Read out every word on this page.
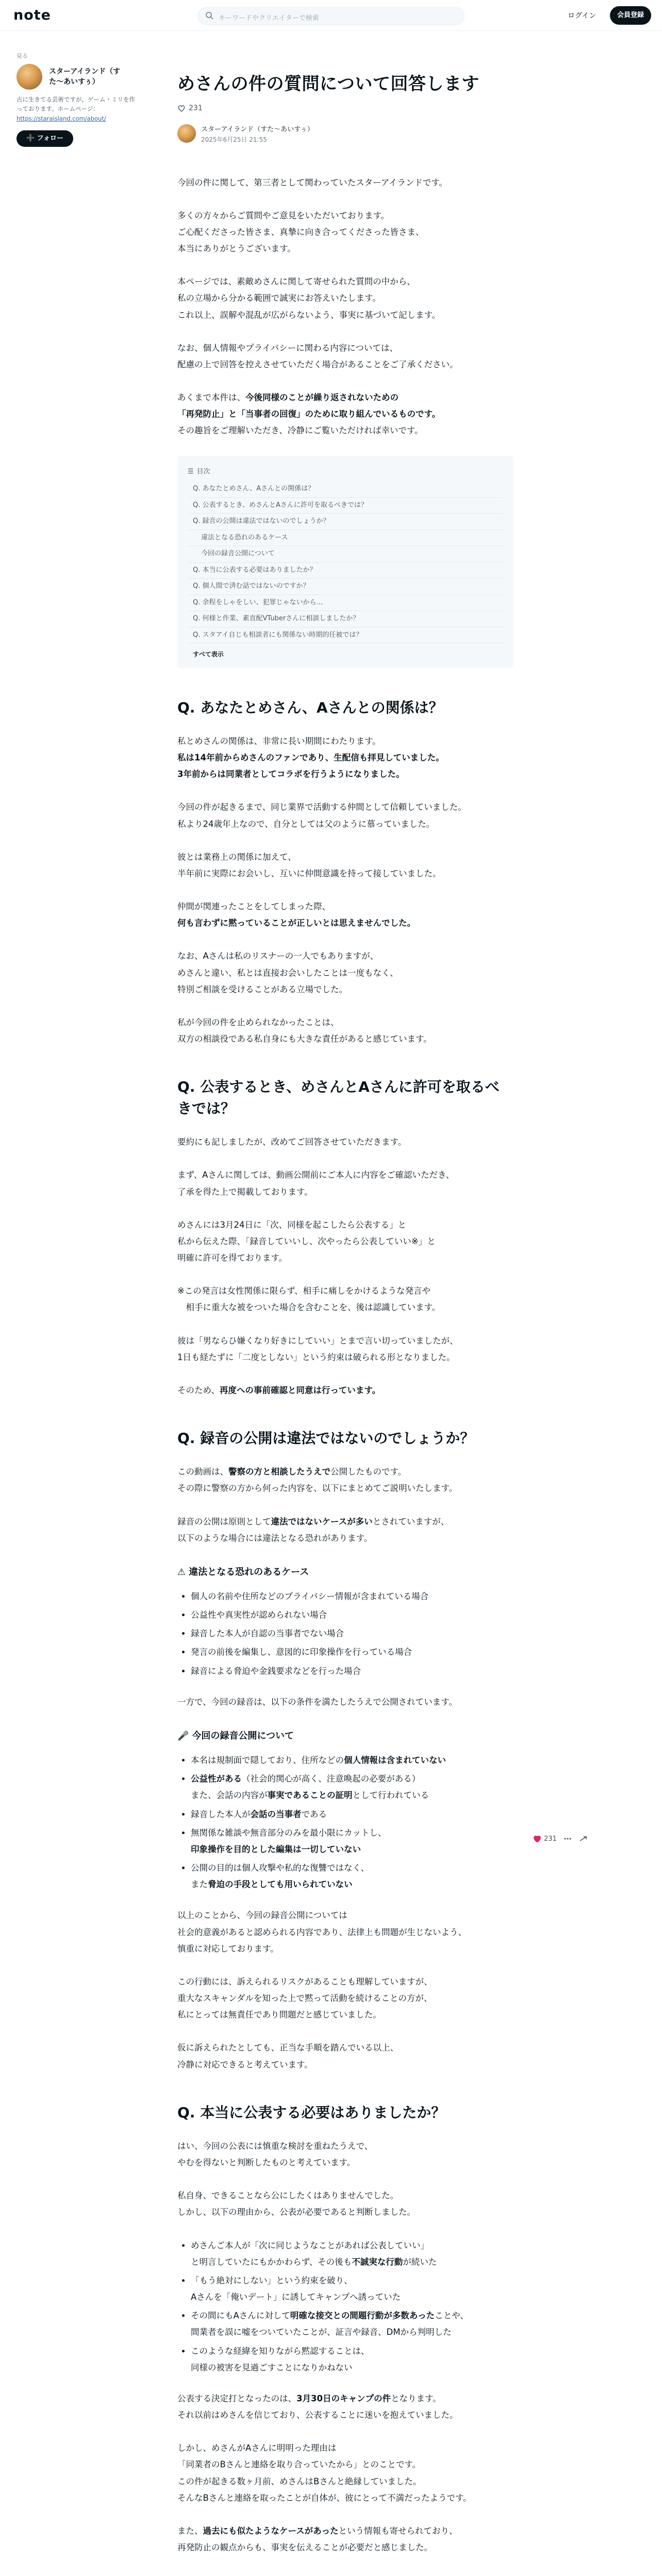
note	キーワードやクリエイターで検索	ログイン	会員登録
見る
スターアイランド（すた〜あいすぅ）
古に生きてる芸術ですが，ゲーム・ミリを作っております。ホームページ：
https://staraisland.com/about/
➕ フォロー
めさんの件の質問について回答します
231
スターアイランド（すた〜あいすぅ）
2025年6月25日 21:55

今回の件に関して、第三者として関わっていたスターアイランドです。

多くの方々からご質問やご意見をいただいております。
ご心配くださった皆さま、真摯に向き合ってくださった皆さま、
本当にありがとうございます。

本ページでは、素敵めさんに関して寄せられた質問の中から、
私の立場から分かる範囲で誠実にお答えいたします。
これ以上、誤解や混乱が広がらないよう、事実に基づいて記します。

なお、個人情報やプライバシーに関わる内容については、
配慮の上で回答を控えさせていただく場合があることをご了承ください。

あくまで本件は、今後同様のことが繰り返されないための
「再発防止」と「当事者の回復」のために取り組んでいるものです。
その趣旨をご理解いただき、冷静にご覧いただければ幸いです。

☰ 目次
Q. あなたとめさん、Aさんとの関係は？
Q. 公表するとき、めさんとAさんに許可を取るべきでは？
Q. 録音の公開は違法ではないのでしょうか？
違法となる恐れのあるケース
今回の録音公開について
Q. 本当に公表する必要はありましたか？
Q. 個人間で済む話ではないのですか？
Q. 余程をしゃをしい、犯罪じゃないから…
Q. 何様と作業、素直配VTuberさんに相談しましたか？
Q. スタアイ自じも相談者にも関係ない時期的任被では？
すべて表示
Q. あなたとめさん、Aさんとの関係は？

私とめさんの関係は、非常に長い期間にわたります。
私は14年前からめさんのファンであり、生配信も拝見していました。
3年前からは同業者としてコラボを行うようになりました。

今回の件が起きるまで、同じ業界で活動する仲間として信頼していました。
私より24歳年上なので、自分としては父のように慕っていました。

彼とは業務上の関係に加えて、
半年前に実際にお会いし、互いに仲間意識を持って接していました。

仲間が関連ったことをしてしまった際、
何も言わずに黙っていることが正しいとは思えませんでした。

なお、Aさんは私のリスナーの一人でもありますが、
めさんと違い、私とは直接お会いしたことは一度もなく、
特別ご相談を受けることがある立場でした。

私が今回の件を止められなかったことは、
双方の相談役である私自身にも大きな責任があると感じています。

Q. 公表するとき、めさんとAさんに許可を取るべきでは？

要約にも記しましたが、改めてご回答させていただきます。

まず、Aさんに関しては、動画公開前にご本人に内容をご確認いただき、
了承を得た上で掲載しております。

めさんには3月24日に「次、同様を起こしたら公表する」と
私から伝えた際、「録音していいし、次やったら公表していい※」と
明確に許可を得ております。

※この発言は女性関係に限らず、相手に痛しをかけるような発言や
　相手に重大な被をついた場合を含むことを、後は認識しています。

彼は「男ならひ嫌くなり好きにしていい」とまで言い切っていましたが、
1日も経たずに「二度としない」という約束は破られる形となりました。

そのため、再度への事前確認と同意は行っています。

Q. 録音の公開は違法ではないのでしょうか？

この動画は、警察の方と相談したうえで公開したものです。
その際に警察の方から何った内容を、以下にまとめてご説明いたします。

録音の公開は原則として違法ではないケースが多いとされていますが、
以下のような場合には違法となる恐れがあります。

⚠ 違法となる恐れのあるケース
• 個人の名前や住所などのプライバシー情報が含まれている場合
• 公益性や真実性が認められない場合
• 録音した本人が自認の当事者でない場合
• 発言の前後を編集し、意図的に印象操作を行っている場合
• 録音による脅迫や金銭要求などを行った場合

一方で、今回の録音は、以下の条件を満たしたうえで公開されています。

🎤 今回の録音公開について
• 本名は規制面で隠しており、住所などの個人情報は含まれていない
• 公益性がある（社会的関心が高く、注意喚起の必要がある）
また、会話の内容が事実であることの証明として行われている
• 録音した本人が会話の当事者である
• 無関係な雑談や無音部分のみを最小限にカットし、
印象操作を目的とした編集は一切していない
• 公開の目的は個人攻撃や私的な復讐ではなく、
また脅迫の手段としても用いられていない

以上のことから、今回の録音公開については
社会的意義があると認められる内容であり、法律上も問題が生じないよう、
慎重に対応しております。

この行動には、訴えられるリスクがあることも理解していますが、
重大なスキャンダルを知った上で黙って活動を続けることの方が、
私にとっては無責任であり問題だと感じていました。

仮に訴えられたとしても、正当な手順を踏んでいる以上、
冷静に対応できると考えています。

Q. 本当に公表する必要はありましたか？

はい、今回の公表には慎重な検討を重ねたうえで、
やむを得ないと判断したものと考えています。

私自身、できることなら公にしたくはありませんでした。
しかし、以下の理由から、公表が必要であると判断しました。

• めさんご本人が「次に同じようなことがあれば公表していい」
と明言していたにもかかわらず、その後も不誠実な行動が続いた
• 「もう絶対にしない」という約束を破り、
Aさんを「俺いデート」に誘してキャンプへ誘っていた
• その間にもAさんに対して明確な接交との間題行動が多数あったことや、
間業者を誤に嘘をついていたことが、証言や録音、DMから判明した
• このような経緯を知りながら黙認することは、
同様の被害を見過ごすことになりかねない

公表する決定打となったのは、3月30日のキャンプの件となります。
それ以前はめさんを信じており、公表することに迷いを抱えていました。

しかし、めさんがAさんに明明った理由は
「同業者のBさんと連絡を取り合っていたから」とのことです。
この件が起きる数ヶ月前、めさんはBさんと絶縁していました。
そんなBさんと連絡を取ったことが自体が、彼にとって不満だったようです。

また、過去にも似たようなケースがあったという情報も寄せられており、
再発防止の観点からも、事実を伝えることが必要だと感じました。

231
